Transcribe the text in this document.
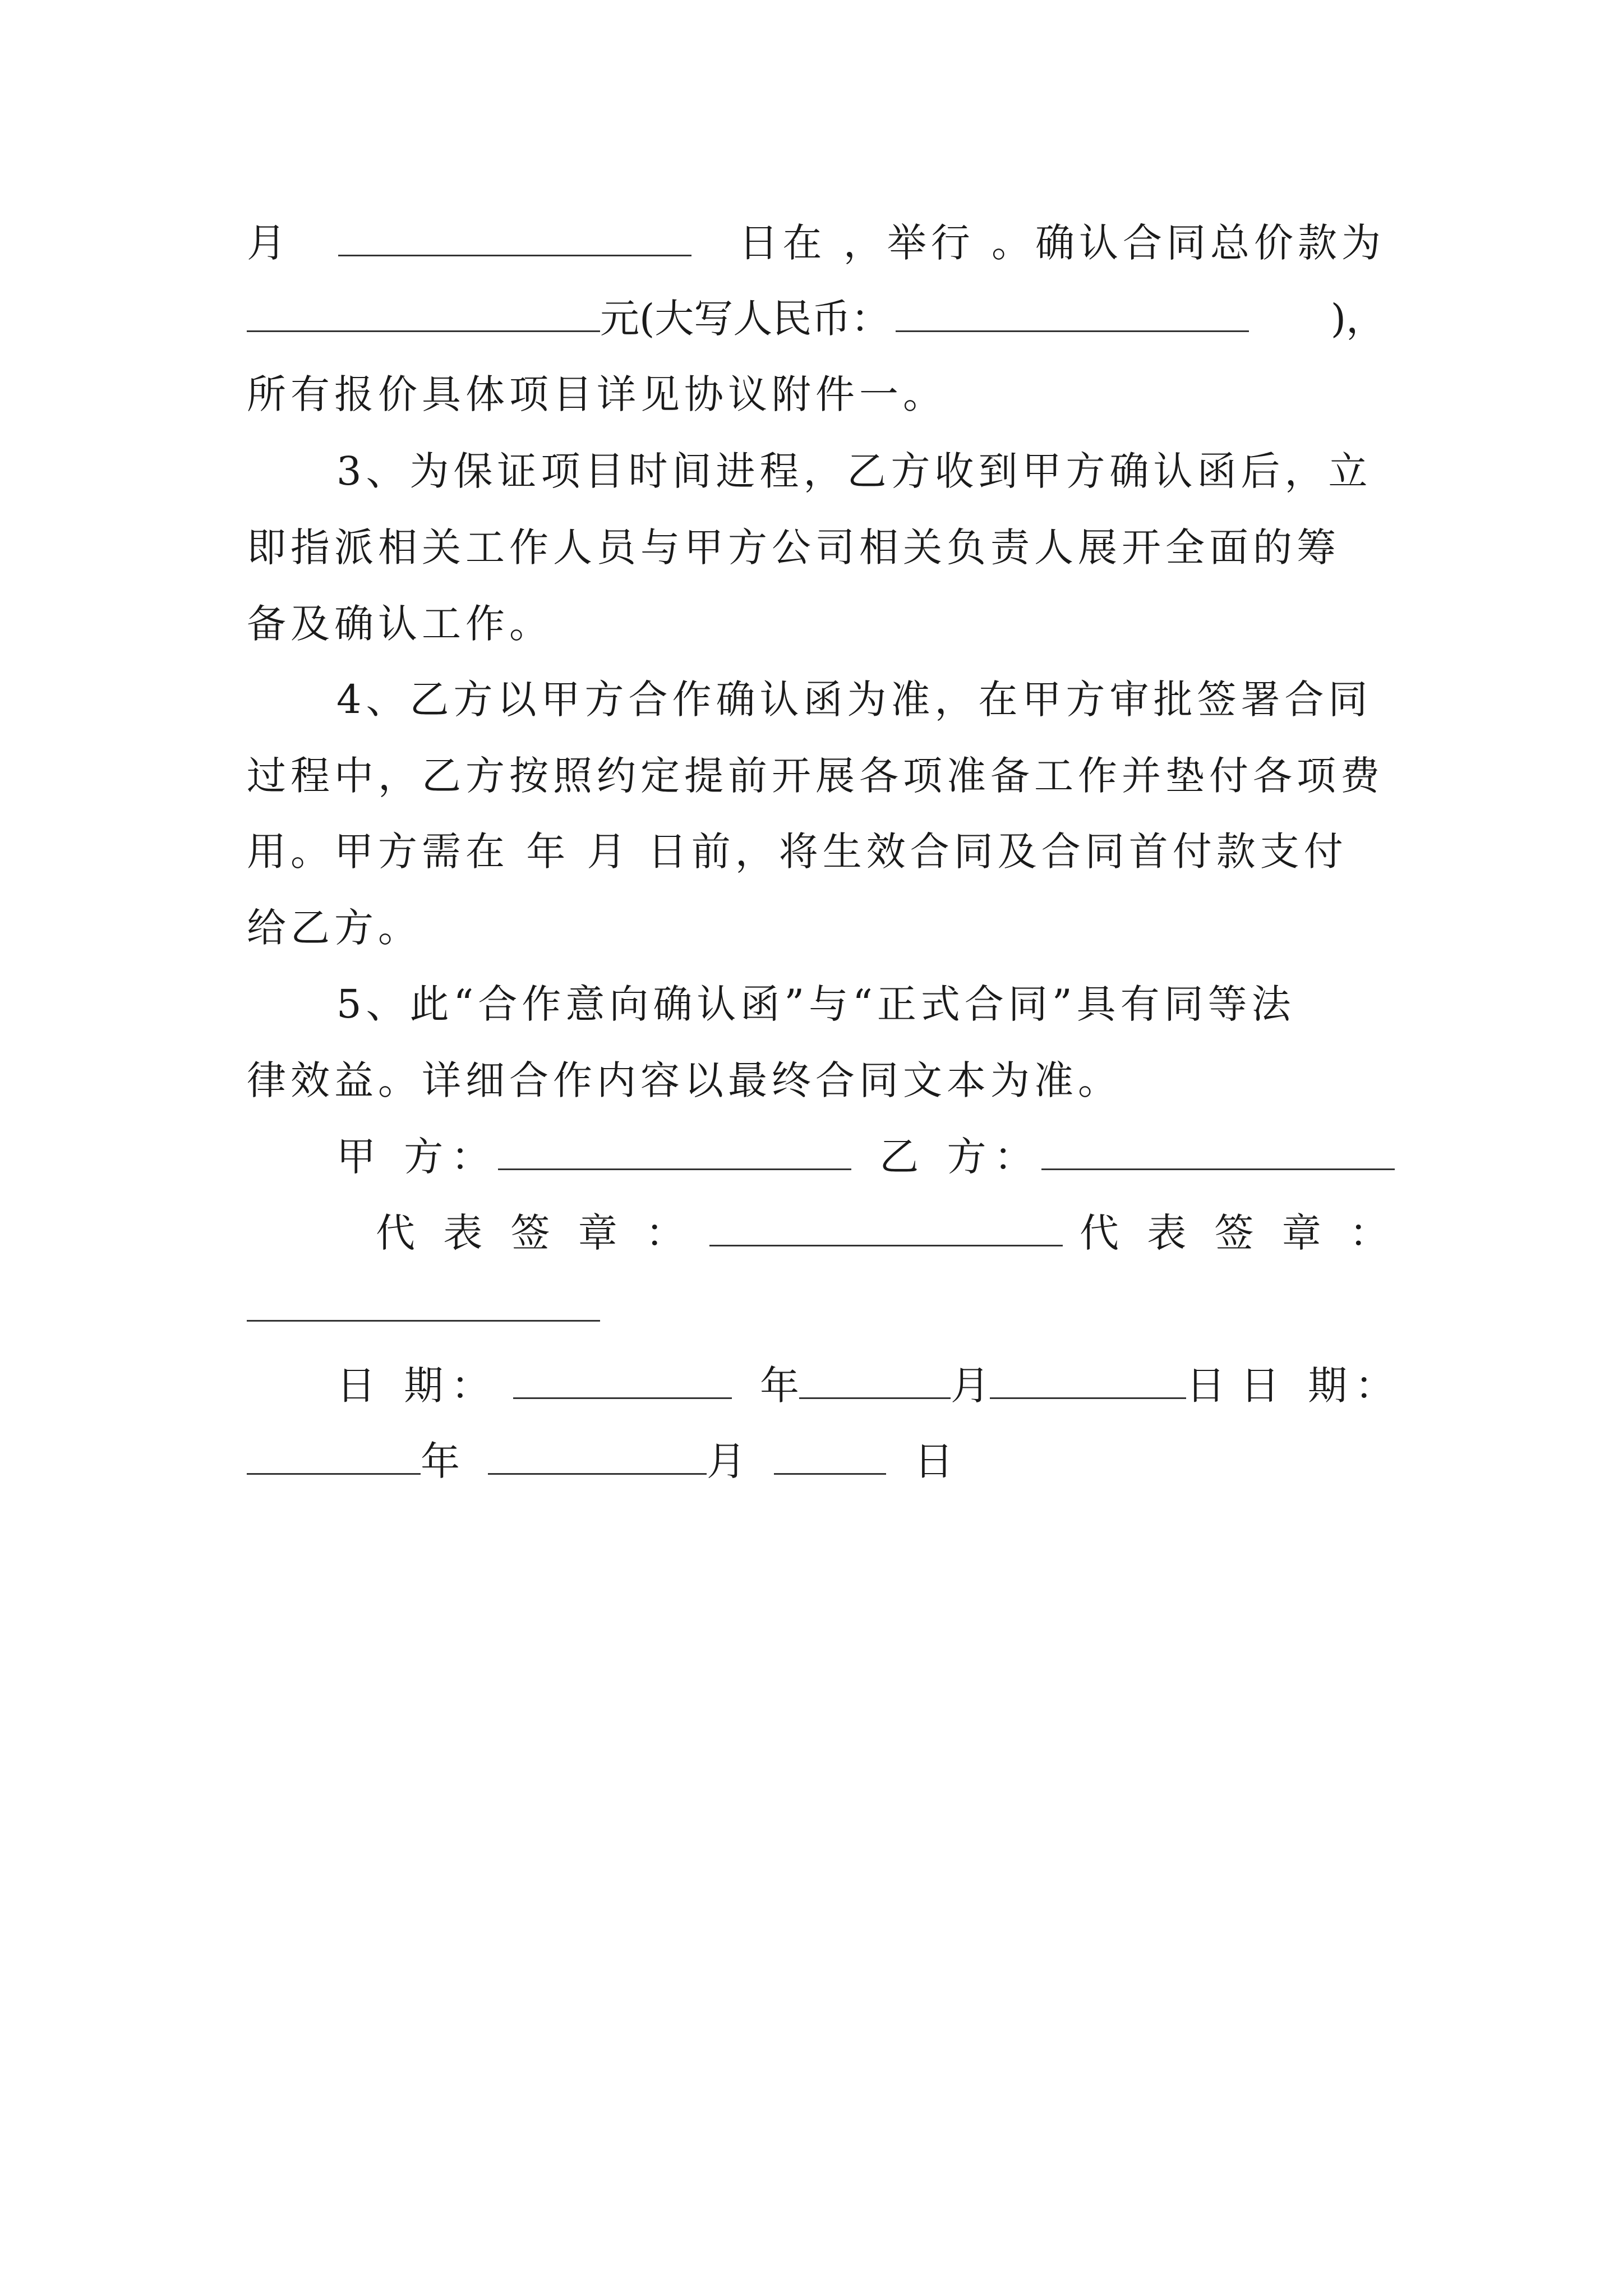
月	日在 ，举行 。确认合同总价款为
元(大写人民币：	)，
所有报价具体项目详见协议附件一。
3、为保证项目时间进程，乙方收到甲方确认函后，立
即指派相关工作人员与甲方公司相关负责人展开全面的筹
备及确认工作。
4、乙方以甲方合作确认函为准，在甲方审批签署合同
过程中，乙方按照约定提前开展各项准备工作并垫付各项费
用。甲方需在 年 月 日前，将生效合同及合同首付款支付
给乙方。
5、此“合作意向确认函”与“正式合同”具有同等法
律效益。详细合作内容以最终合同文本为准。
甲 方：	乙 方：
代 表 签 章 ：	代 表 签 章 ：
日 期：	年	月	日 日 期：
年	月	日
